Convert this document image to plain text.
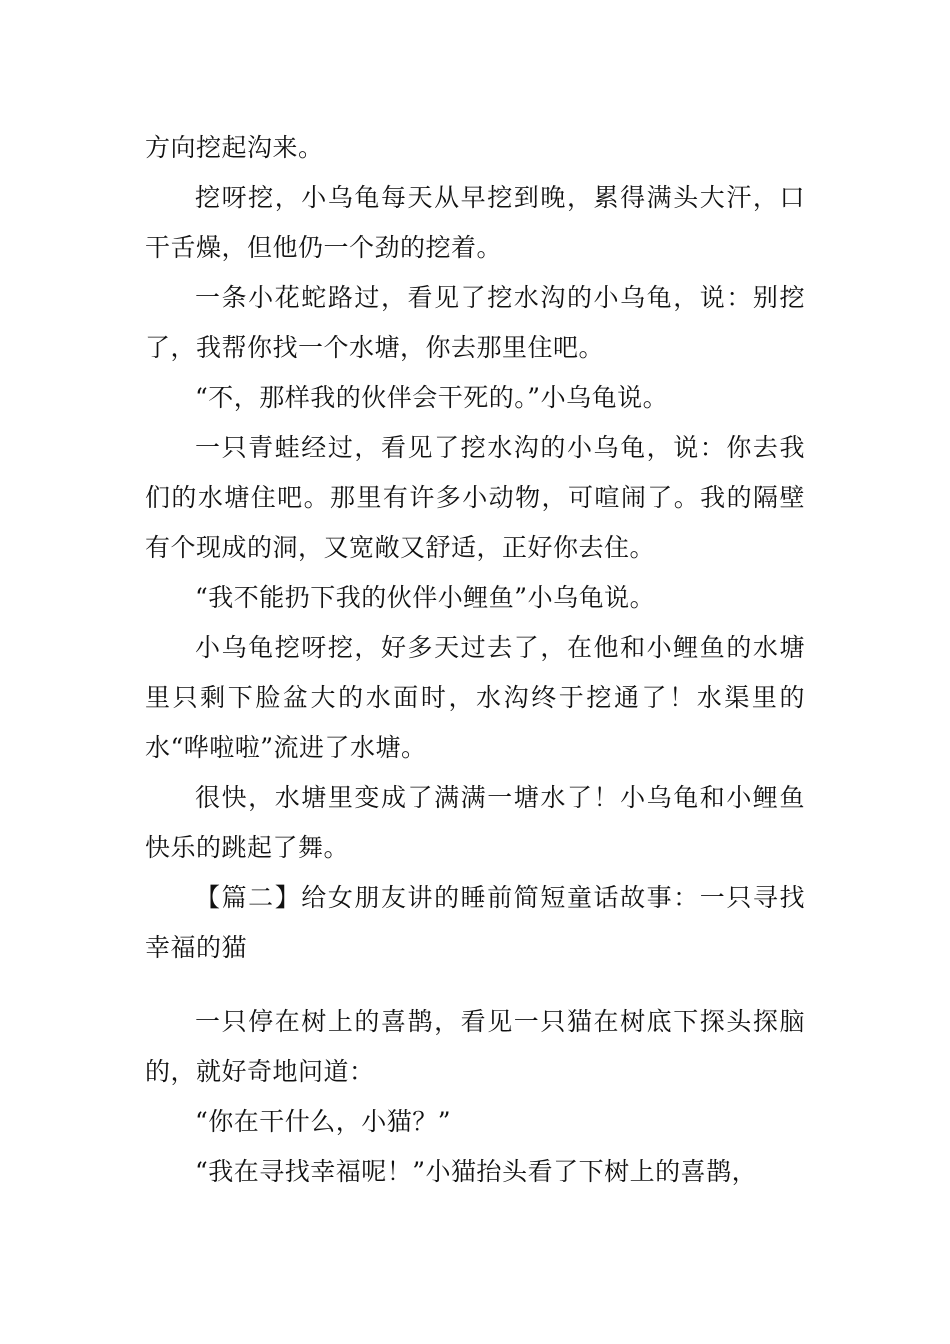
方向挖起沟来。

挖呀挖，小乌龟每天从早挖到晚，累得满头大汗，口干舌燥，但他仍一个劲的挖着。

一条小花蛇路过，看见了挖水沟的小乌龟，说：别挖了，我帮你找一个水塘，你去那里住吧。

“不，那样我的伙伴会干死的。”小乌龟说。

一只青蛙经过，看见了挖水沟的小乌龟，说：你去我们的水塘住吧。那里有许多小动物，可喧闹了。我的隔壁有个现成的洞，又宽敞又舒适，正好你去住。

“我不能扔下我的伙伴小鲤鱼”小乌龟说。

小乌龟挖呀挖，好多天过去了，在他和小鲤鱼的水塘里只剩下脸盆大的水面时，水沟终于挖通了！水渠里的水“哗啦啦”流进了水塘。

很快，水塘里变成了满满一塘水了！小乌龟和小鲤鱼快乐的跳起了舞。

【篇二】给女朋友讲的睡前简短童话故事：一只寻找幸福的猫

一只停在树上的喜鹊，看见一只猫在树底下探头探脑的，就好奇地问道：

“你在干什么，小猫？”

“我在寻找幸福呢！”小猫抬头看了下树上的喜鹊，
